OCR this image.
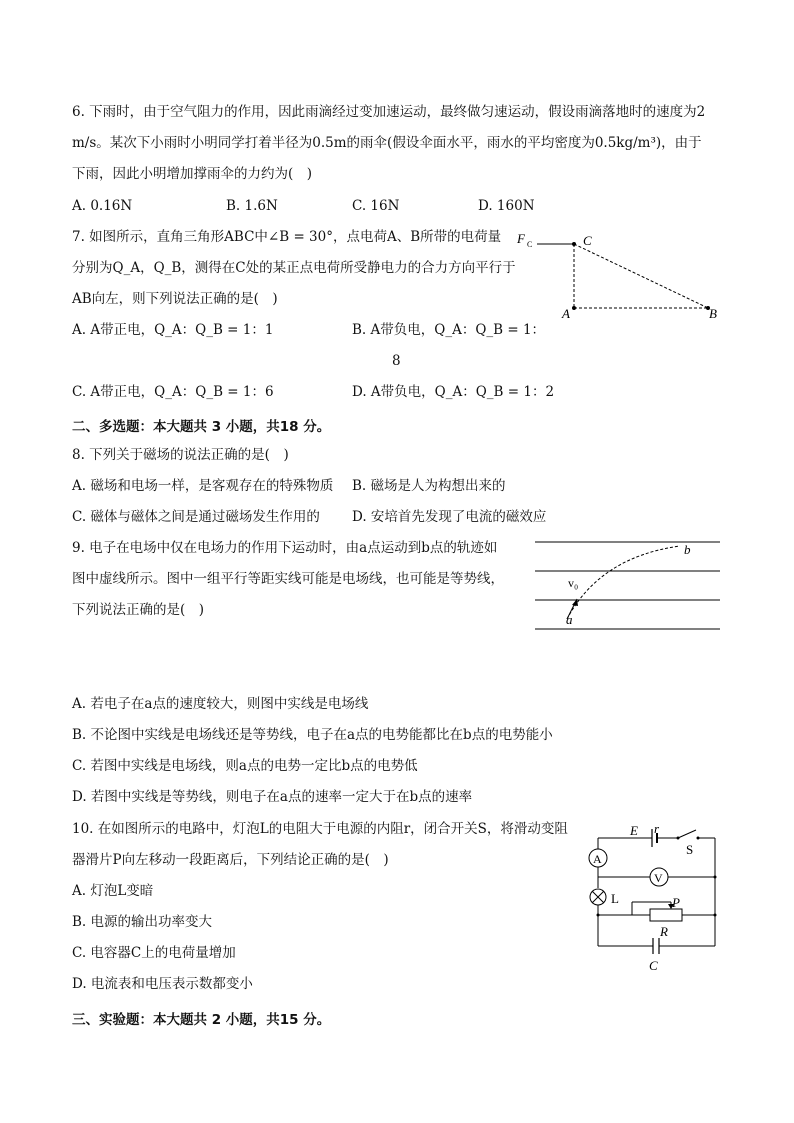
6. 下雨时，由于空气阻力的作用，因此雨滴经过变加速运动，最终做匀速运动，假设雨滴落地时的速度为2
m/s。某次下小雨时小明同学打着半径为0.5m的雨伞(假设伞面水平，雨水的平均密度为0.5kg/m³)，由于
下雨，因此小明增加撑雨伞的力约为(　)
A. 0.16N	B. 1.6N	C. 16N	D. 160N
7. 如图所示，直角三角形ABC中∠B = 30°，点电荷A、B所带的电荷量
分别为Q_A，Q_B，测得在C处的某正点电荷所受静电力的合力方向平行于
AB向左，则下列说法正确的是(　)
A. A带正电，Q_A：Q_B = 1：1	B. A带负电，Q_A：Q_B = 1：
8
C. A带正电，Q_A：Q_B = 1：6	D. A带负电，Q_A：Q_B = 1：2
F C	C
A	B
二、多选题：本大题共 3 小题，共18 分。
8. 下列关于磁场的说法正确的是(　)
A. 磁场和电场一样，是客观存在的特殊物质 B. 磁场是人为构想出来的
C. 磁体与磁体之间是通过磁场发生作用的 D. 安培首先发现了电流的磁效应
9. 电子在电场中仅在电场力的作用下运动时，由a点运动到b点的轨迹如
图中虚线所示。图中一组平行等距实线可能是电场线，也可能是等势线，
下列说法正确的是(　)
b
a
v₀
A. 若电子在a点的速度较大，则图中实线是电场线
B. 不论图中实线是电场线还是等势线，电子在a点的电势能都比在b点的电势能小
C. 若图中实线是电场线，则a点的电势一定比b点的电势低
D. 若图中实线是等势线，则电子在a点的速率一定大于在b点的速率
10. 在如图所示的电路中，灯泡L的电阻大于电源的内阻r，闭合开关S，将滑动变阻
器滑片P向左移动一段距离后，下列结论正确的是(　)
A. 灯泡L变暗
B. 电源的输出功率变大
C. 电容器C上的电荷量增加
D. 电流表和电压表示数都变小
E r
S
A
V
L	P
R
C
三、实验题：本大题共 2 小题，共15 分。
